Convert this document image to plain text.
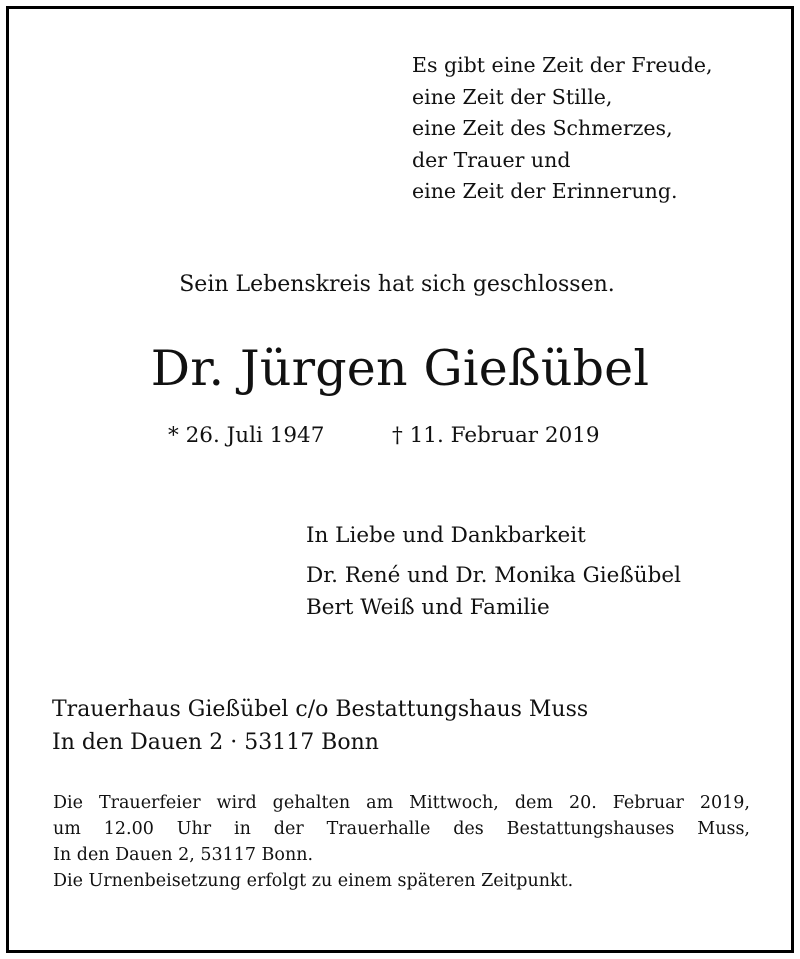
Es gibt eine Zeit der Freude,
eine Zeit der Stille,
eine Zeit des Schmerzes,
der Trauer und
eine Zeit der Erinnerung.
Sein Lebenskreis hat sich geschlossen.
Dr. Jürgen Gießübel
* 26. Juli 1947	† 11. Februar 2019
In Liebe und Dankbarkeit
Dr. René und Dr. Monika Gießübel
Bert Weiß und Familie
Trauerhaus Gießübel c/o Bestattungshaus Muss
In den Dauen 2 · 53117 Bonn
Die Trauerfeier wird gehalten am Mittwoch, dem 20. Februar 2019,
um 12.00 Uhr in der Trauerhalle des Bestattungshauses Muss,
In den Dauen 2, 53117 Bonn.
Die Urnenbeisetzung erfolgt zu einem späteren Zeitpunkt.
